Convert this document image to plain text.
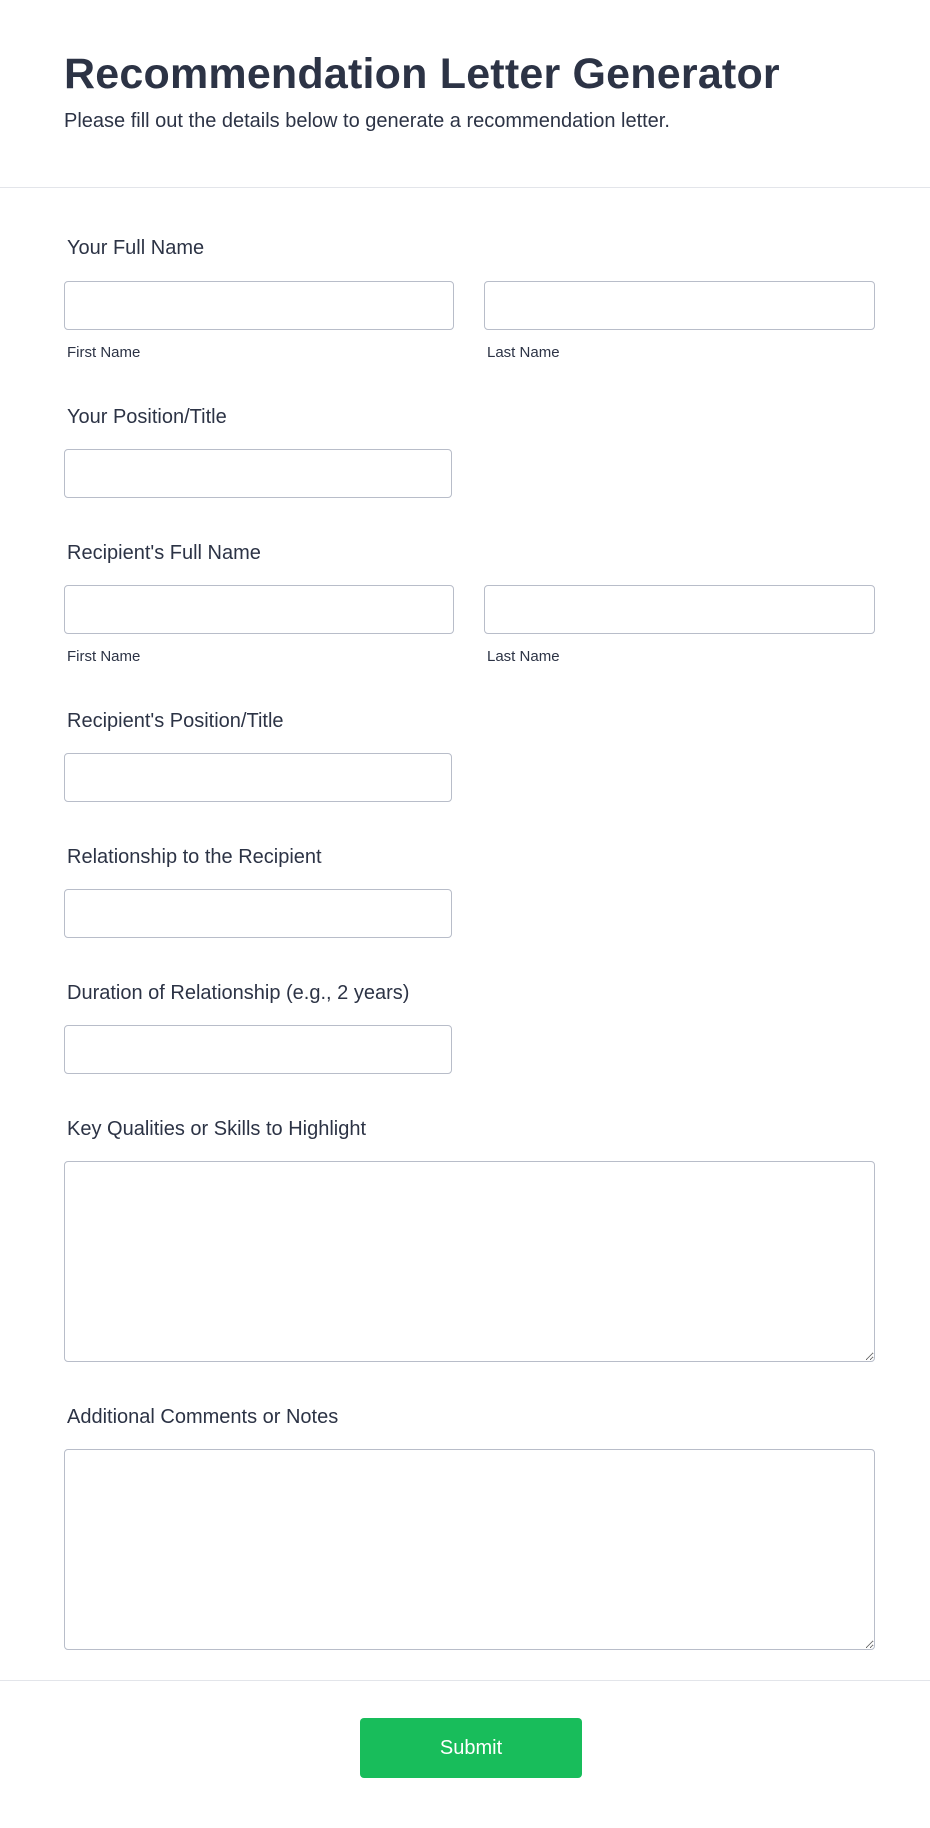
Recommendation Letter Generator

Please fill out the details below to generate a recommendation letter.

Your Full Name
First Name	Last Name
Your Position/Title
Recipient's Full Name
First Name	Last Name
Recipient's Position/Title
Relationship to the Recipient
Duration of Relationship (e.g., 2 years)
Key Qualities or Skills to Highlight
Additional Comments or Notes
Submit
